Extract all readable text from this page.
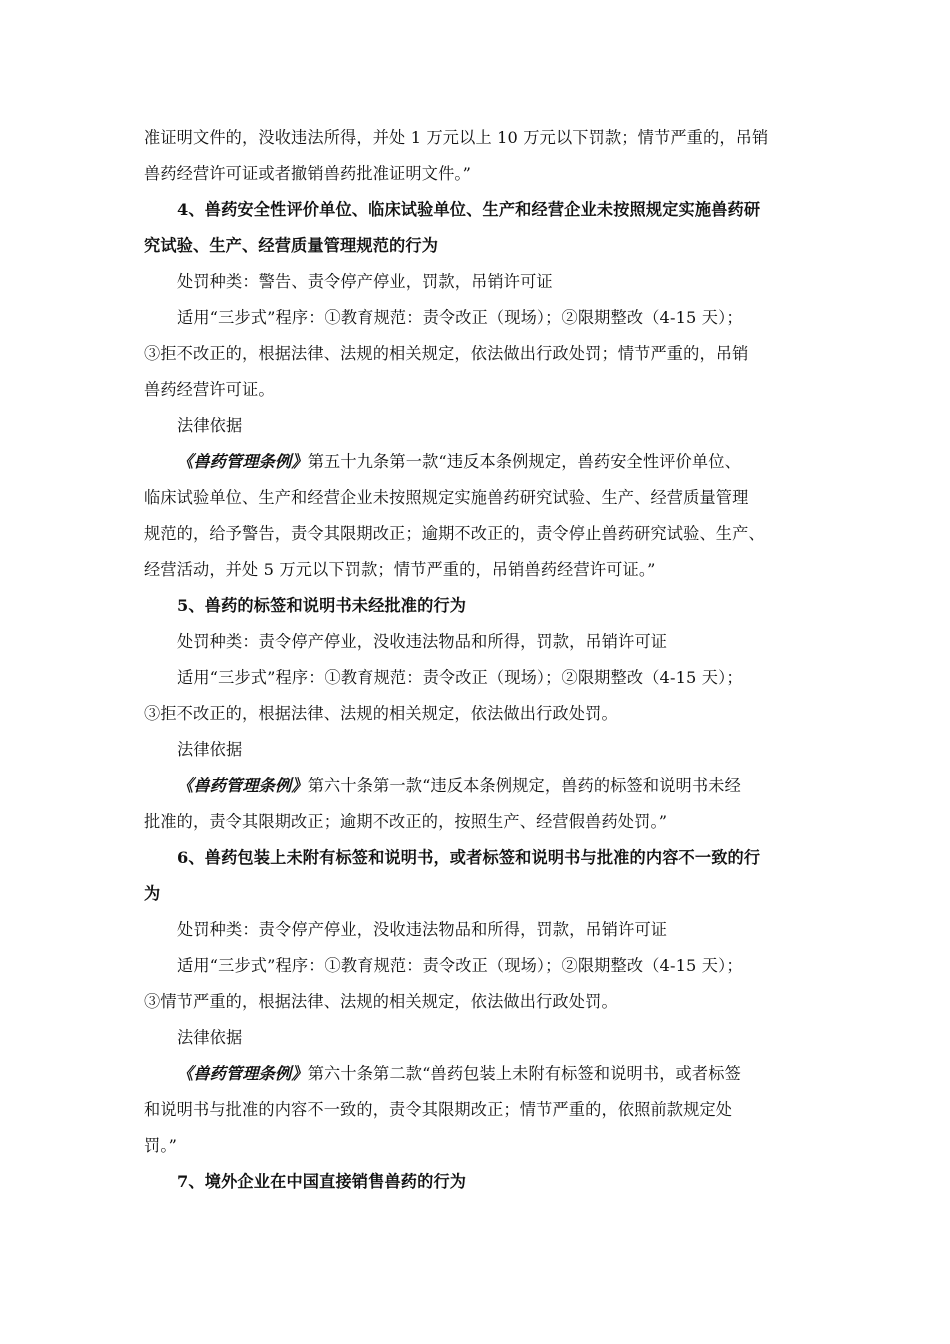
准证明文件的，没收违法所得，并处 1 万元以上 10 万元以下罚款；情节严重的，吊销
兽药经营许可证或者撤销兽药批准证明文件。”
4、兽药安全性评价单位、临床试验单位、生产和经营企业未按照规定实施兽药研
究试验、生产、经营质量管理规范的行为
处罚种类：警告、责令停产停业，罚款，吊销许可证
适用“三步式”程序：①教育规范：责令改正（现场）；②限期整改（4-15 天）；
③拒不改正的，根据法律、法规的相关规定，依法做出行政处罚；情节严重的，吊销
兽药经营许可证。
法律依据
《兽药管理条例》第五十九条第一款“违反本条例规定，兽药安全性评价单位、
临床试验单位、生产和经营企业未按照规定实施兽药研究试验、生产、经营质量管理
规范的，给予警告，责令其限期改正；逾期不改正的，责令停止兽药研究试验、生产、
经营活动，并处 5 万元以下罚款；情节严重的，吊销兽药经营许可证。”
5、兽药的标签和说明书未经批准的行为
处罚种类：责令停产停业，没收违法物品和所得，罚款，吊销许可证
适用“三步式”程序：①教育规范：责令改正（现场）；②限期整改（4-15 天）；
③拒不改正的，根据法律、法规的相关规定，依法做出行政处罚。
法律依据
《兽药管理条例》第六十条第一款“违反本条例规定，兽药的标签和说明书未经
批准的，责令其限期改正；逾期不改正的，按照生产、经营假兽药处罚。”
6、兽药包装上未附有标签和说明书，或者标签和说明书与批准的内容不一致的行
为
处罚种类：责令停产停业，没收违法物品和所得，罚款，吊销许可证
适用“三步式”程序：①教育规范：责令改正（现场）；②限期整改（4-15 天）；
③情节严重的，根据法律、法规的相关规定，依法做出行政处罚。
法律依据
《兽药管理条例》第六十条第二款“兽药包装上未附有标签和说明书，或者标签
和说明书与批准的内容不一致的，责令其限期改正；情节严重的，依照前款规定处
罚。”
7、境外企业在中国直接销售兽药的行为
